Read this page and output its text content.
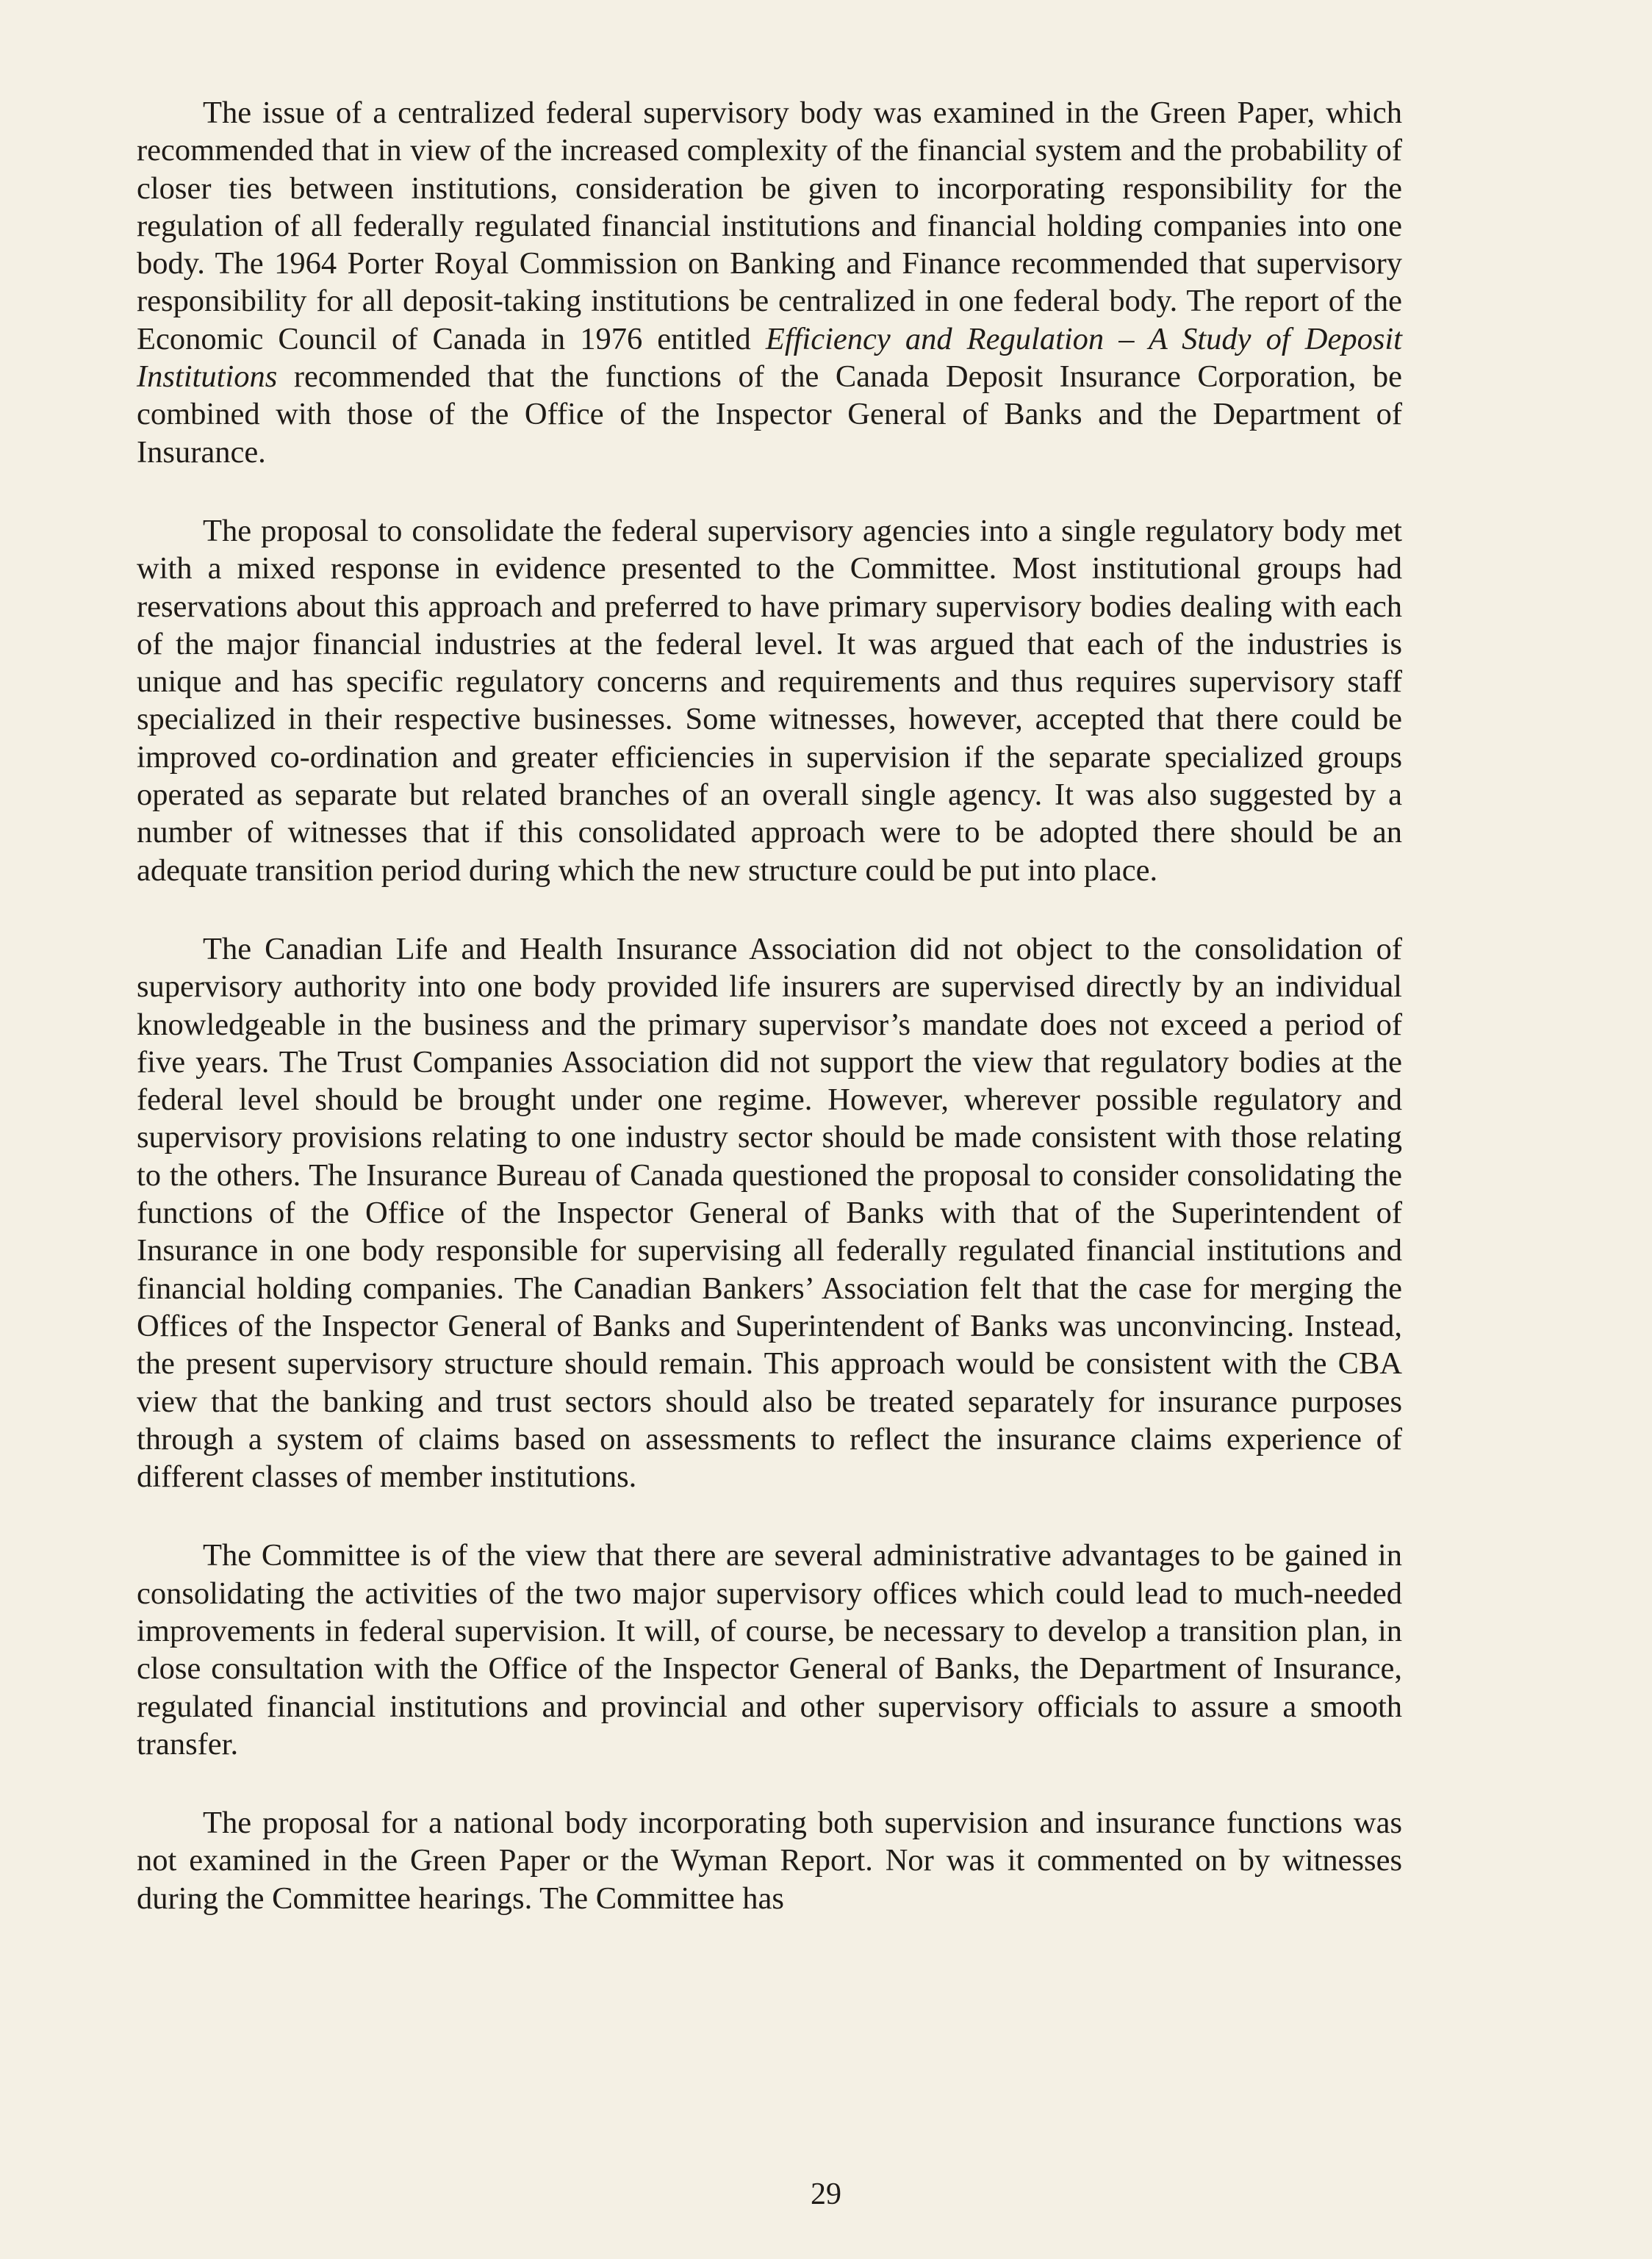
The issue of a centralized federal supervisory body was examined in the Green Paper, which recommended that in view of the increased complexity of the financial system and the probability of closer ties between institutions, consideration be given to incorporating responsibility for the regulation of all federally regulated financial institutions and financial holding companies into one body. The 1964 Porter Royal Commission on Banking and Finance recommended that supervisory responsibility for all deposit-taking institutions be centralized in one federal body. The report of the Economic Council of Canada in 1976 entitled Efficiency and Regulation – A Study of Deposit Institutions recommended that the functions of the Canada Deposit Insurance Corporation, be combined with those of the Office of the Inspector General of Banks and the Department of Insurance.

The proposal to consolidate the federal supervisory agencies into a single regulatory body met with a mixed response in evidence presented to the Committee. Most institutional groups had reservations about this approach and preferred to have primary supervisory bodies dealing with each of the major financial industries at the federal level. It was argued that each of the industries is unique and has specific regulatory concerns and requirements and thus requires supervisory staff specialized in their respective businesses. Some witnesses, however, accepted that there could be improved co-ordination and greater efficiencies in supervision if the separate specialized groups operated as separate but related branches of an overall single agency. It was also suggested by a number of witnesses that if this consolidated approach were to be adopted there should be an adequate transition period during which the new structure could be put into place.

The Canadian Life and Health Insurance Association did not object to the consolidation of supervisory authority into one body provided life insurers are supervised directly by an individual knowledgeable in the business and the primary supervisor’s mandate does not exceed a period of five years. The Trust Companies Association did not support the view that regulatory bodies at the federal level should be brought under one regime. However, wherever possible regulatory and supervisory provisions relating to one industry sector should be made consistent with those relating to the others. The Insurance Bureau of Canada questioned the proposal to consider consolidating the functions of the Office of the Inspector General of Banks with that of the Superintendent of Insurance in one body responsible for supervising all federally regulated financial institutions and financial holding companies. The Canadian Bankers’ Association felt that the case for merging the Offices of the Inspector General of Banks and Superintendent of Banks was unconvincing. Instead, the present supervisory structure should remain. This approach would be consistent with the CBA view that the banking and trust sectors should also be treated separately for insurance purposes through a system of claims based on assessments to reflect the insurance claims experience of different classes of member institutions.

The Committee is of the view that there are several administrative advantages to be gained in consolidating the activities of the two major supervisory offices which could lead to much-needed improvements in federal supervision. It will, of course, be necessary to develop a transition plan, in close consultation with the Office of the Inspector General of Banks, the Department of Insurance, regulated financial institutions and provincial and other supervisory officials to assure a smooth transfer.

The proposal for a national body incorporating both supervision and insurance functions was not examined in the Green Paper or the Wyman Report. Nor was it commented on by witnesses during the Committee hearings. The Committee has

29
